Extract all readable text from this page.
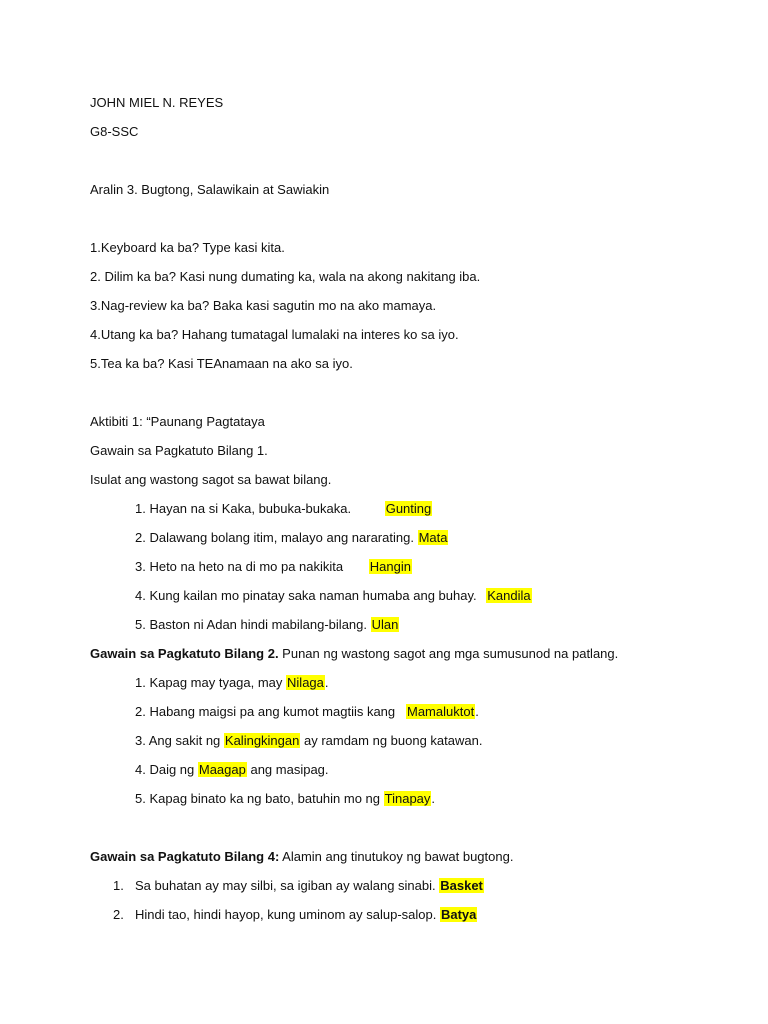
JOHN MIEL N. REYES
G8-SSC
Aralin 3. Bugtong, Salawikain at Sawiakin
1.Keyboard ka ba? Type kasi kita.
2. Dilim ka ba? Kasi nung dumating ka, wala na akong nakitang iba.
3.Nag-review ka ba? Baka kasi sagutin mo na ako mamaya.
4.Utang ka ba? Hahang tumatagal lumalaki na interes ko sa iyo.
5.Tea ka ba? Kasi TEAnamaan na ako sa iyo.
Aktibiti 1: “Paunang Pagtataya
Gawain sa Pagkatuto Bilang 1.
Isulat ang wastong sagot sa bawat bilang.
1. Hayan na si Kaka, bubuka-bukaka.	Gunting
2. Dalawang bolang itim, malayo ang nararating. Mata
3. Heto na heto na di mo pa nakikita Hangin
4. Kung kailan mo pinatay saka naman humaba ang buhay. Kandila
5. Baston ni Adan hindi mabilang-bilang. Ulan
Gawain sa Pagkatuto Bilang 2. Punan ng wastong sagot ang mga sumusunod na patlang.
1. Kapag may tyaga, may Nilaga.
2. Habang maigsi pa ang kumot magtiis kang   Mamaluktot.
3. Ang sakit ng Kalingkingan ay ramdam ng buong katawan.
4. Daig ng Maagap ang masipag.
5. Kapag binato ka ng bato, batuhin mo ng Tinapay.
Gawain sa Pagkatuto Bilang 4: Alamin ang tinutukoy ng bawat bugtong.
1. Sa buhatan ay may silbi, sa igiban ay walang sinabi. Basket
2. Hindi tao, hindi hayop, kung uminom ay salup-salop. Batya
